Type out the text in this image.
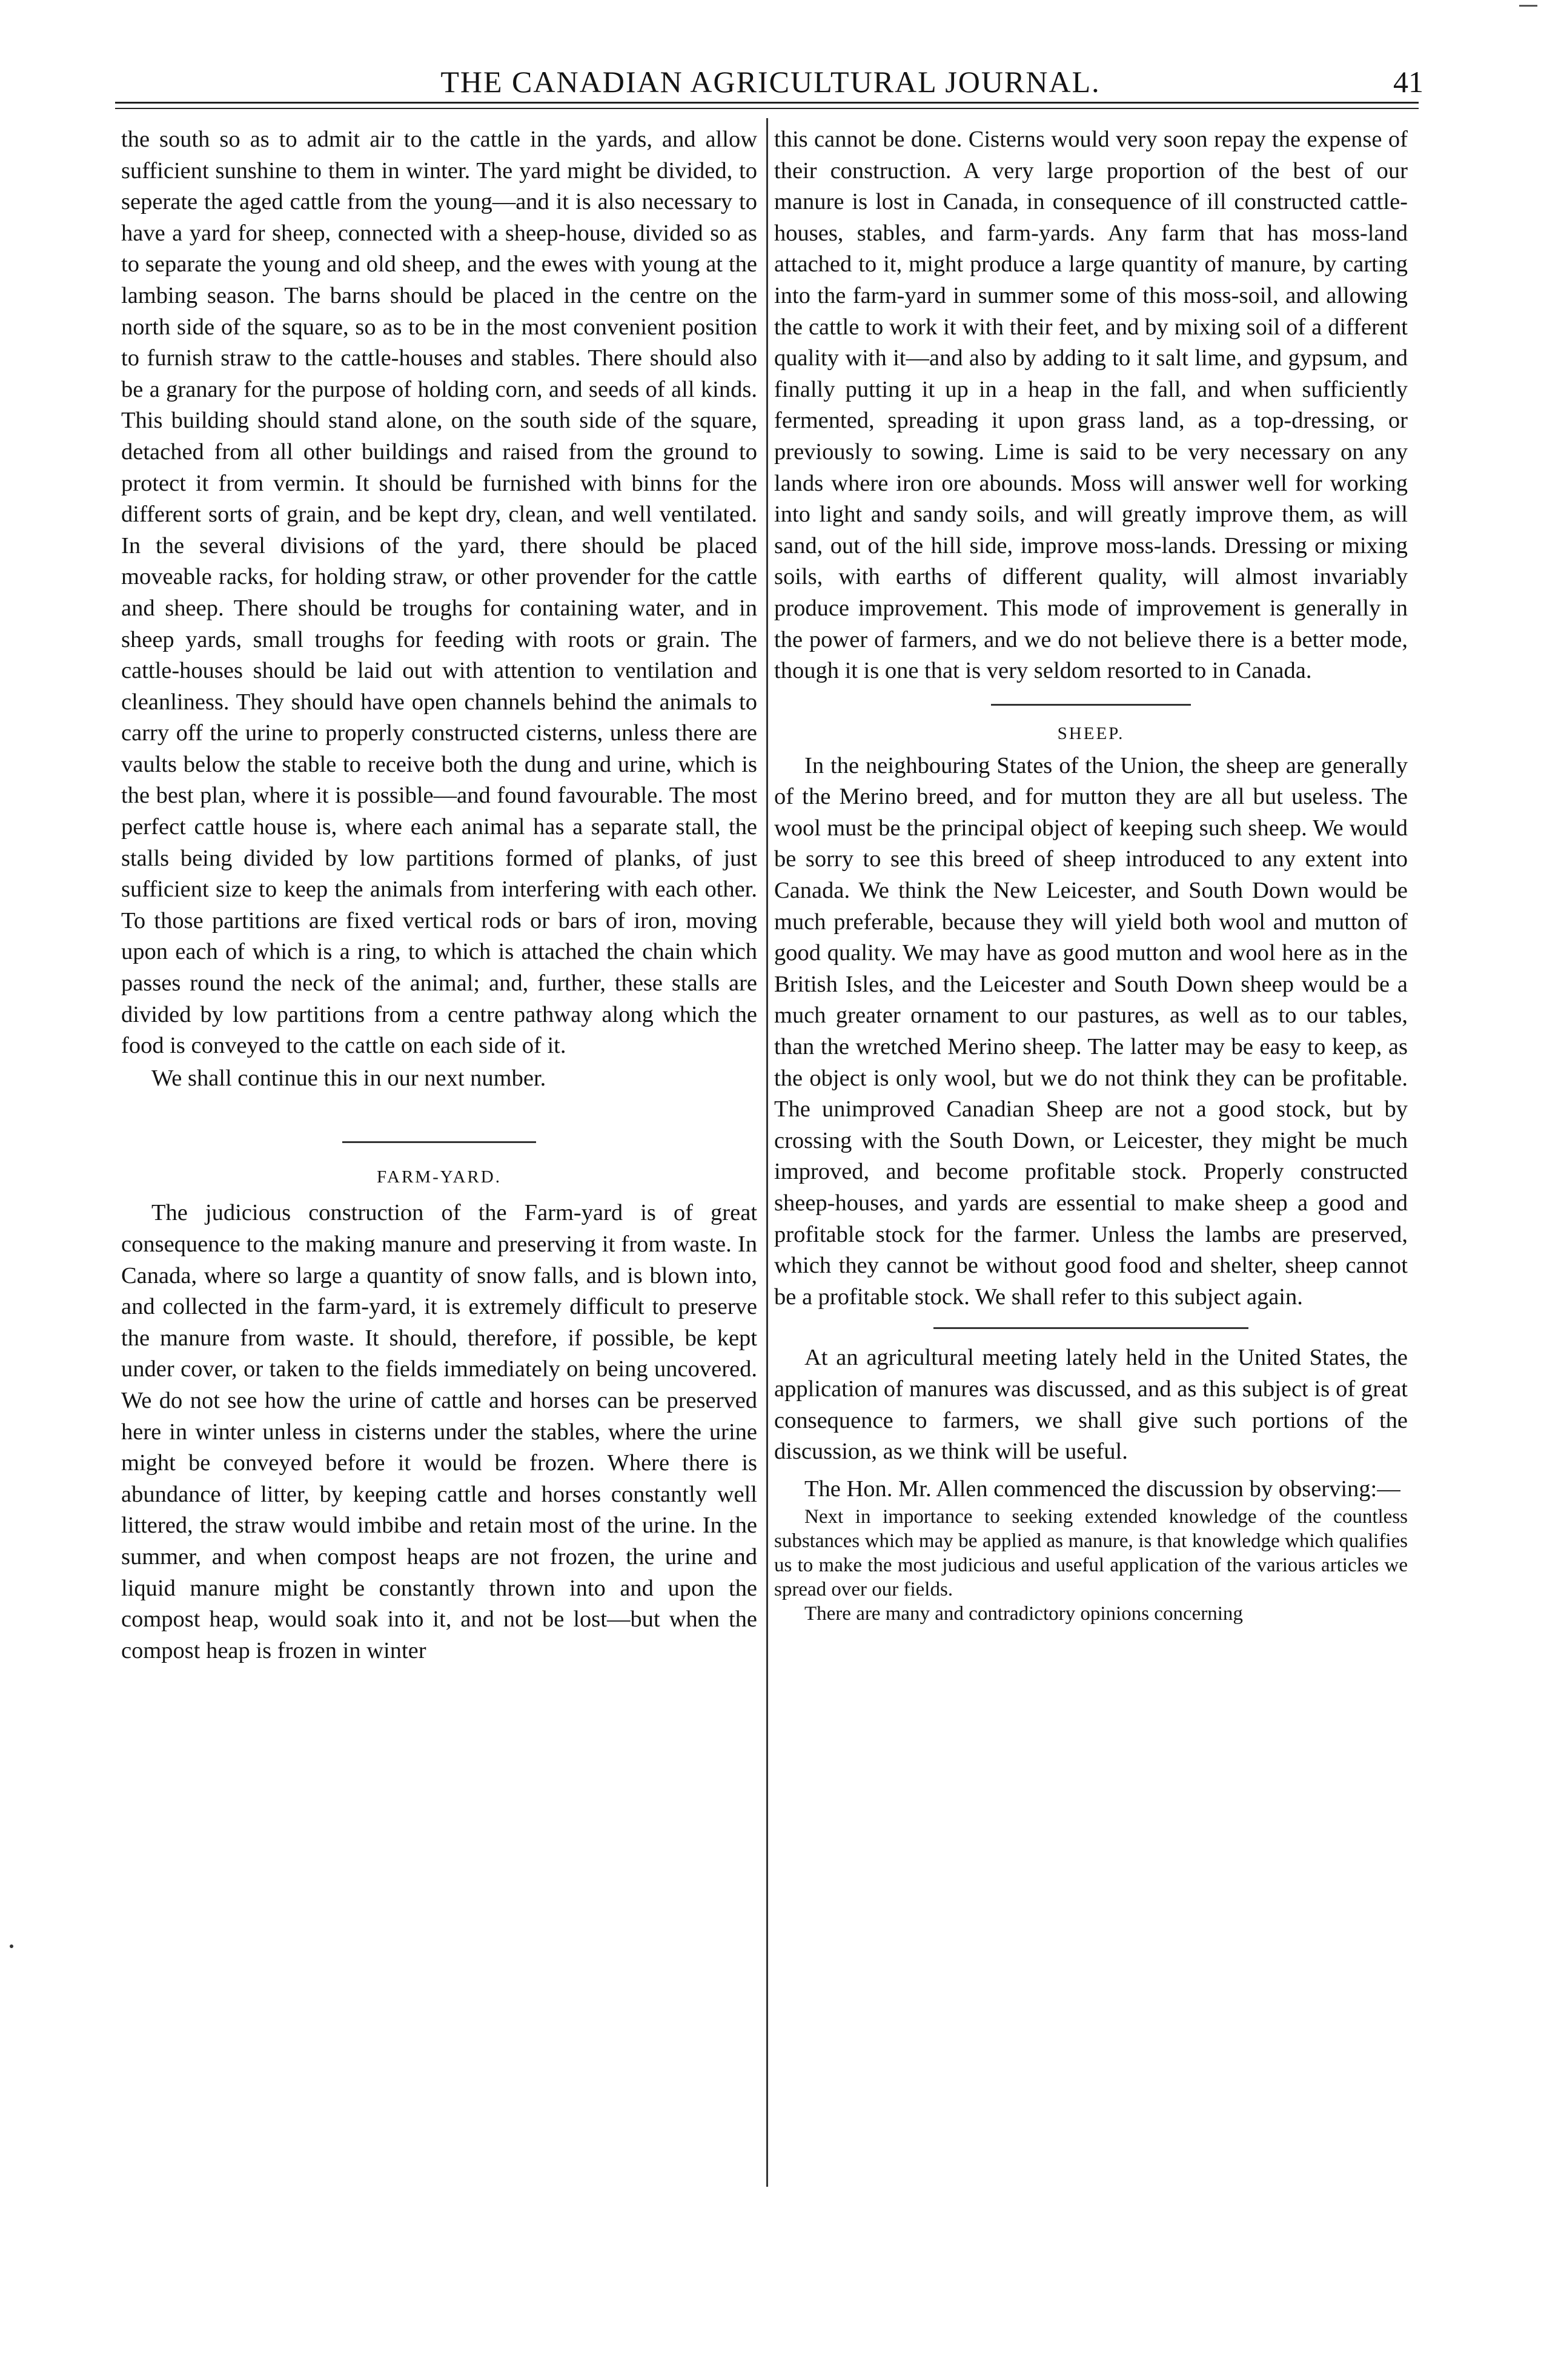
THE CANADIAN AGRICULTURAL JOURNAL.	41

the south so as to admit air to the cattle in the yards, and allow sufficient sunshine to them in winter. The yard might be divided, to seperate the aged cattle from the young—and it is also necessary to have a yard for sheep, connected with a sheep-house, divided so as to separate the young and old sheep, and the ewes with young at the lambing season. The barns should be placed in the centre on the north side of the square, so as to be in the most convenient position to furnish straw to the cattle-houses and stables. There should also be a granary for the purpose of holding corn, and seeds of all kinds. This building should stand alone, on the south side of the square, detached from all other buildings and raised from the ground to protect it from vermin. It should be furnished with binns for the different sorts of grain, and be kept dry, clean, and well ventilated. In the several divisions of the yard, there should be placed moveable racks, for holding straw, or other provender for the cattle and sheep. There should be troughs for containing water, and in sheep yards, small troughs for feeding with roots or grain. The cattle-houses should be laid out with attention to ventilation and cleanliness. They should have open channels behind the animals to carry off the urine to properly constructed cisterns, unless there are vaults below the stable to receive both the dung and urine, which is the best plan, where it is possible—and found favourable. The most perfect cattle house is, where each animal has a separate stall, the stalls being divided by low partitions formed of planks, of just sufficient size to keep the animals from interfering with each other. To those partitions are fixed vertical rods or bars of iron, moving upon each of which is a ring, to which is attached the chain which passes round the neck of the animal; and, further, these stalls are divided by low partitions from a centre pathway along which the food is conveyed to the cattle on each side of it.

We shall continue this in our next number.

FARM-YARD.

The judicious construction of the Farm-yard is of great consequence to the making manure and preserving it from waste. In Canada, where so large a quantity of snow falls, and is blown into, and collected in the farm-yard, it is extremely difficult to preserve the manure from waste. It should, therefore, if possible, be kept under cover, or taken to the fields immediately on being uncovered. We do not see how the urine of cattle and horses can be preserved here in winter unless in cisterns under the stables, where the urine might be conveyed before it would be frozen. Where there is abundance of litter, by keeping cattle and horses constantly well littered, the straw would imbibe and retain most of the urine. In the summer, and when compost heaps are not frozen, the urine and liquid manure might be constantly thrown into and upon the compost heap, would soak into it, and not be lost—but when the compost heap is frozen in winter

this cannot be done. Cisterns would very soon repay the expense of their construction. A very large proportion of the best of our manure is lost in Canada, in consequence of ill constructed cattle-houses, stables, and farm-yards. Any farm that has moss-land attached to it, might produce a large quantity of manure, by carting into the farm-yard in summer some of this moss-soil, and allowing the cattle to work it with their feet, and by mixing soil of a different quality with it—and also by adding to it salt lime, and gypsum, and finally putting it up in a heap in the fall, and when sufficiently fermented, spreading it upon grass land, as a top-dressing, or previously to sowing. Lime is said to be very necessary on any lands where iron ore abounds. Moss will answer well for working into light and sandy soils, and will greatly improve them, as will sand, out of the hill side, improve moss-lands. Dressing or mixing soils, with earths of different quality, will almost invariably produce improvement. This mode of improvement is generally in the power of farmers, and we do not believe there is a better mode, though it is one that is very seldom resorted to in Canada.

SHEEP.

In the neighbouring States of the Union, the sheep are generally of the Merino breed, and for mutton they are all but useless. The wool must be the principal object of keeping such sheep. We would be sorry to see this breed of sheep introduced to any extent into Canada. We think the New Leicester, and South Down would be much preferable, because they will yield both wool and mutton of good quality. We may have as good mutton and wool here as in the British Isles, and the Leicester and South Down sheep would be a much greater ornament to our pastures, as well as to our tables, than the wretched Merino sheep. The latter may be easy to keep, as the object is only wool, but we do not think they can be profitable. The unimproved Canadian Sheep are not a good stock, but by crossing with the South Down, or Leicester, they might be much improved, and become profitable stock. Properly constructed sheep-houses, and yards are essential to make sheep a good and profitable stock for the farmer. Unless the lambs are preserved, which they cannot be without good food and shelter, sheep cannot be a profitable stock. We shall refer to this subject again.

At an agricultural meeting lately held in the United States, the application of manures was discussed, and as this subject is of great consequence to farmers, we shall give such portions of the discussion, as we think will be useful.

The Hon. Mr. Allen commenced the discussion by observing:—

Next in importance to seeking extended knowledge of the countless substances which may be applied as manure, is that knowledge which qualifies us to make the most judicious and useful application of the various articles we spread over our fields.

There are many and contradictory opinions concerning
